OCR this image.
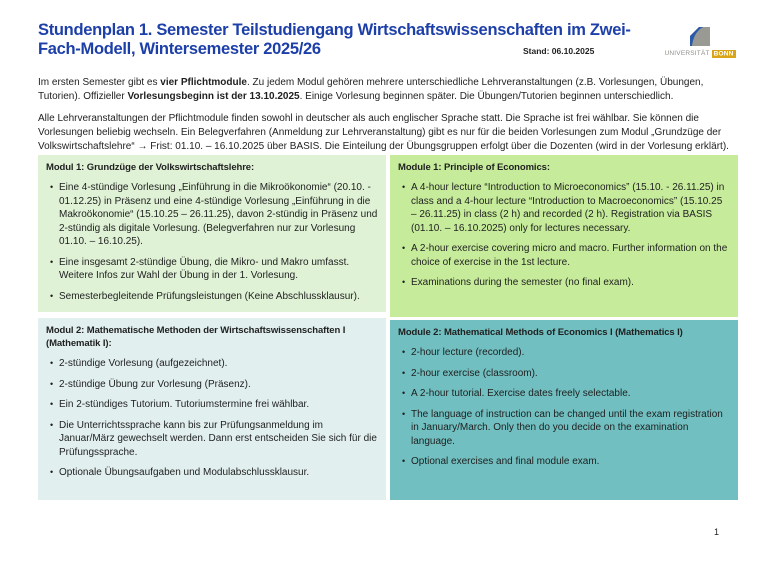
Stundenplan 1. Semester Teilstudiengang Wirtschaftswissenschaften im Zwei-
Fach-Modell, Wintersemester 2025/26	Stand: 06.10.2025	UNIVERSITÄT BONN

Im ersten Semester gibt es vier Pflichtmodule. Zu jedem Modul gehören mehrere unterschiedliche Lehrveranstaltungen (z.B. Vorlesungen, Übungen, Tutorien). Offizieller Vorlesungsbeginn ist der 13.10.2025. Einige Vorlesung beginnen später. Die Übungen/Tutorien beginnen unterschiedlich.

Alle Lehrveranstaltungen der Pflichtmodule finden sowohl in deutscher als auch englischer Sprache statt. Die Sprache ist frei wählbar. Sie können die Vorlesungen beliebig wechseln. Ein Belegverfahren (Anmeldung zur Lehrveranstaltung) gibt es nur für die beiden Vorlesungen zum Modul „Grundzüge der Volkswirtschaftslehre“ → Frist: 01.10. – 16.10.2025 über BASIS. Die Einteilung der Übungsgruppen erfolgt über die Dozenten (wird in der Vorlesung erklärt).

Modul 1: Grundzüge der Volkswirtschaftslehre:
• Eine 4-stündige Vorlesung „Einführung in die Mikroökonomie“ (20.10. - 01.12.25) in Präsenz und eine 4-stündige Vorlesung „Einführung in die Makroökonomie“ (15.10.25 – 26.11.25), davon 2-stündig in Präsenz und 2-stündig als digitale Vorlesung. (Belegverfahren nur zur Vorlesung 01.10. – 16.10.25).
• Eine insgesamt 2-stündige Übung, die Mikro- und Makro umfasst. Weitere Infos zur Wahl der Übung in der 1. Vorlesung.
• Semesterbegleitende Prüfungsleistungen (Keine Abschlussklausur).
Modul 2: Mathematische Methoden der Wirtschaftswissenschaften I (Mathematik I):
• 2-stündige Vorlesung (aufgezeichnet).
• 2-stündige Übung zur Vorlesung (Präsenz).
• Ein 2-stündiges Tutorium. Tutoriumstermine frei wählbar.
• Die Unterrichtssprache kann bis zur Prüfungsanmeldung im Januar/März gewechselt werden. Dann erst entscheiden Sie sich für die Prüfungssprache.
• Optionale Übungsaufgaben und Modulabschlussklausur.
Module 1: Principle of Economics:
• A 4-hour lecture “Introduction to Microeconomics” (15.10. - 26.11.25) in class and a 4-hour lecture “Introduction to Macroeconomics” (15.10.25 – 26.11.25) in class (2 h) and recorded (2 h). Registration via BASIS (01.10. – 16.10.2025) only for lectures necessary.
• A 2-hour exercise covering micro and macro. Further information on the choice of exercise in the 1st lecture.
• Examinations during the semester (no final exam).
Module 2: Mathematical Methods of Economics I (Mathematics I)
• 2-hour lecture (recorded).
• 2-hour exercise (classroom).
• A 2-hour tutorial. Exercise dates freely selectable.
• The language of instruction can be changed until the exam registration in January/March. Only then do you decide on the examination language.
• Optional exercises and final module exam.
1
